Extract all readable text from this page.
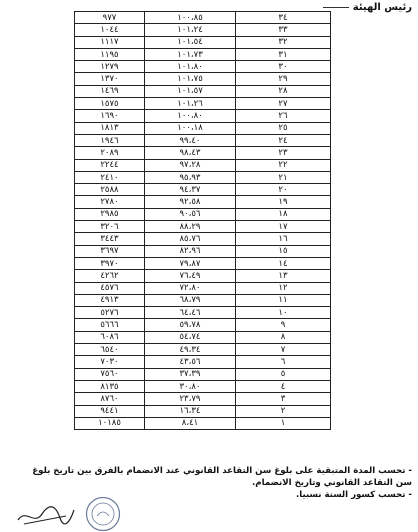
رئيس الهيئة
٩٧٧	١٠٠،٨٥	٣٤
١٠٤٤	١٠١،٢٤	٣٣
١١١٧	١٠١،٥٤	٣٢
١١٩٥	١٠١،٧٣	٣١
١٢٧٩	١٠١،٨٠	٣٠
١٣٧٠	١٠١،٧٥	٢٩
١٤٦٩	١٠١،٥٧	٢٨
١٥٧٥	١٠١،٢٦	٢٧
١٦٩٠	١٠٠،٨٠	٢٦
١٨١٣	١٠٠،١٨	٢٥
١٩٤٦	٩٩،٤٠	٢٤
٢٠٨٩	٩٨،٤٣	٢٣
٢٢٤٤	٩٧،٢٨	٢٢
٢٤١٠	٩٥،٩٣	٢١
٢٥٨٨	٩٤،٣٧	٢٠
٢٧٨٠	٩٢،٥٨	١٩
٢٩٨٥	٩٠،٥٦	١٨
٣٢٠٦	٨٨،٢٩	١٧
٣٤٤٣	٨٥،٧٦	١٦
٣٦٩٧	٨٢،٩٦	١٥
٣٩٧٠	٧٩،٨٧	١٤
٤٢٦٢	٧٦،٤٩	١٣
٤٥٧٦	٧٢،٨٠	١٢
٤٩١٣	٦٨،٧٩	١١
٥٢٧٦	٦٤،٤٦	١٠
٥٦٦٦	٥٩،٧٨	٩
٦٠٨٦	٥٤،٧٤	٨
٦٥٤٠	٤٩،٣٤	٧
٧٠٣٠	٤٣،٥٦	٦
٧٥٦٠	٣٧،٣٩	٥
٨١٣٥	٣٠،٨٠	٤
٨٧٦٠	٢٣،٧٩	٣
٩٤٤١	١٦،٣٤	٢
١٠١٨٥	٨،٤١	١

- تحسب المدة المتبقية على بلوغ سن التقاعد القانوني عند الانضمام بالفرق بين تاريخ بلوغ

سن التقاعد القانوني وتاريخ الانضمام.

- تحسب كسور السنة نسبيا.
